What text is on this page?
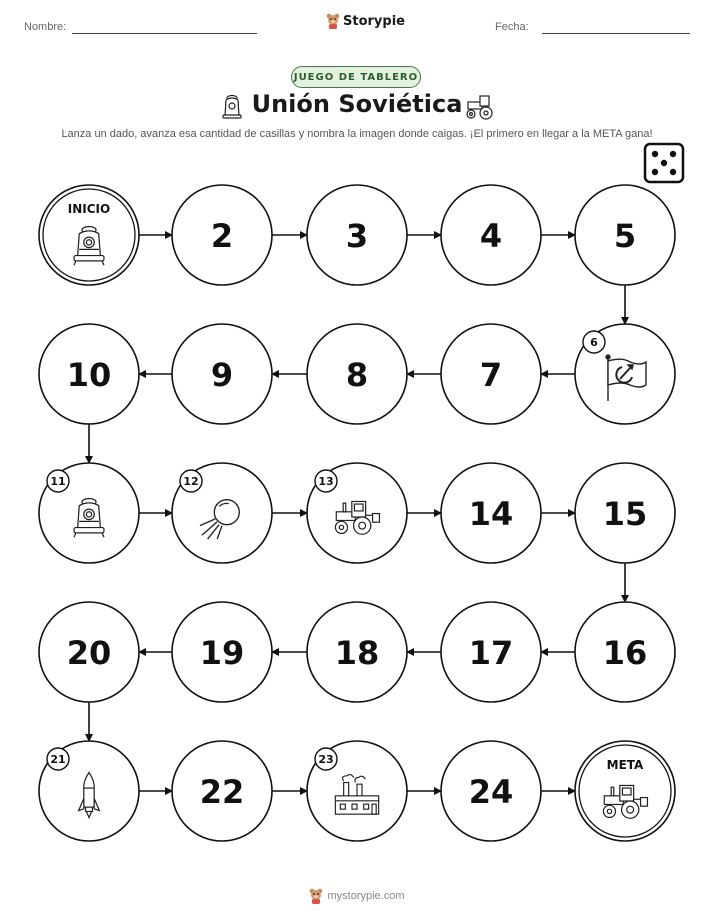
Nombre:	Storypie	Fecha:
JUEGO DE TABLERO
Unión Soviética
Lanza un dado, avanza esa cantidad de casillas y nombra la imagen donde caigas. ¡El primero en llegar a la META gana!
INICIO
2	3	4	5
6
7
8
9
10
11	12	13
14	15
16
17
18
19
20
21
22
23
24
META
mystorypie.com
